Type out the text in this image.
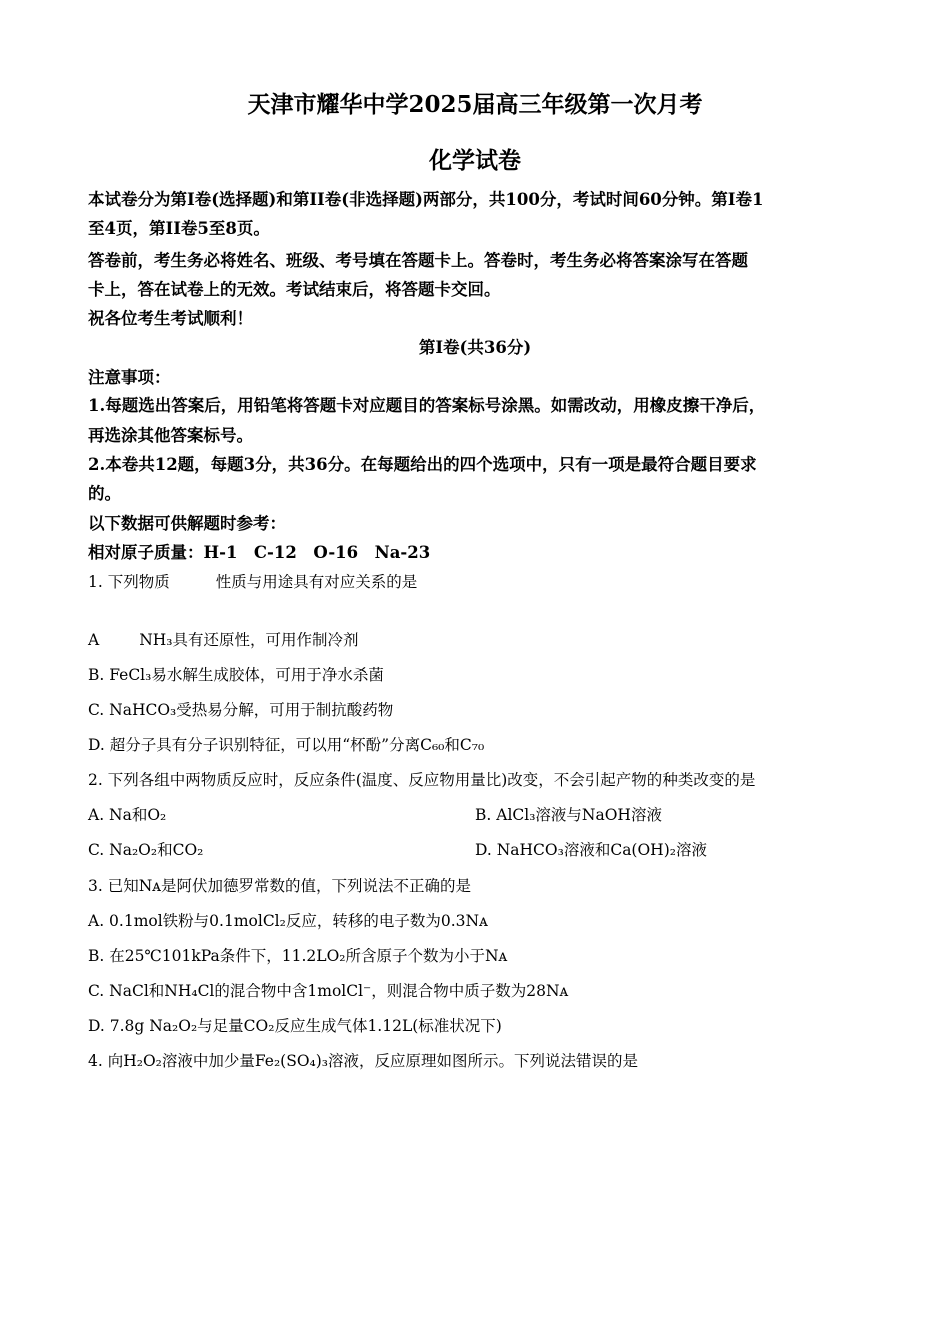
天津市耀华中学2025届高三年级第一次月考
化学试卷
本试卷分为第I卷(选择题)和第II卷(非选择题)两部分，共100分，考试时间60分钟。第I卷1
至4页，第II卷5至8页。
答卷前，考生务必将姓名、班级、考号填在答题卡上。答卷时，考生务必将答案涂写在答题
卡上，答在试卷上的无效。考试结束后，将答题卡交回。
祝各位考生考试顺利！
第I卷(共36分)
注意事项：
1.每题选出答案后，用铅笔将答题卡对应题目的答案标号涂黑。如需改动，用橡皮擦干净后，
再选涂其他答案标号。
2.本卷共12题，每题3分，共36分。在每题给出的四个选项中，只有一项是最符合题目要求
的。
以下数据可供解题时参考：
相对原子质量：H-1　C-12　O-16　Na-23
1. 下列物质	性质与用途具有对应关系的是
A	NH₃具有还原性，可用作制冷剂
B. FeCl₃易水解生成胶体，可用于净水杀菌
C. NaHCO₃受热易分解，可用于制抗酸药物
D. 超分子具有分子识别特征，可以用“杯酚”分离C₆₀和C₇₀
2. 下列各组中两物质反应时，反应条件(温度、反应物用量比)改变，不会引起产物的种类改变的是
A. Na和O₂	B. AlCl₃溶液与NaOH溶液
C. Na₂O₂和CO₂	D. NaHCO₃溶液和Ca(OH)₂溶液
3. 已知Nᴀ是阿伏加德罗常数的值，下列说法不正确的是
A. 0.1mol铁粉与0.1molCl₂反应，转移的电子数为0.3Nᴀ
B. 在25℃101kPa条件下，11.2LO₂所含原子个数为小于Nᴀ
C. NaCl和NH₄Cl的混合物中含1molCl⁻，则混合物中质子数为28Nᴀ
D. 7.8g Na₂O₂与足量CO₂反应生成气体1.12L(标准状况下)
4. 向H₂O₂溶液中加少量Fe₂(SO₄)₃溶液，反应原理如图所示。下列说法错误的是
